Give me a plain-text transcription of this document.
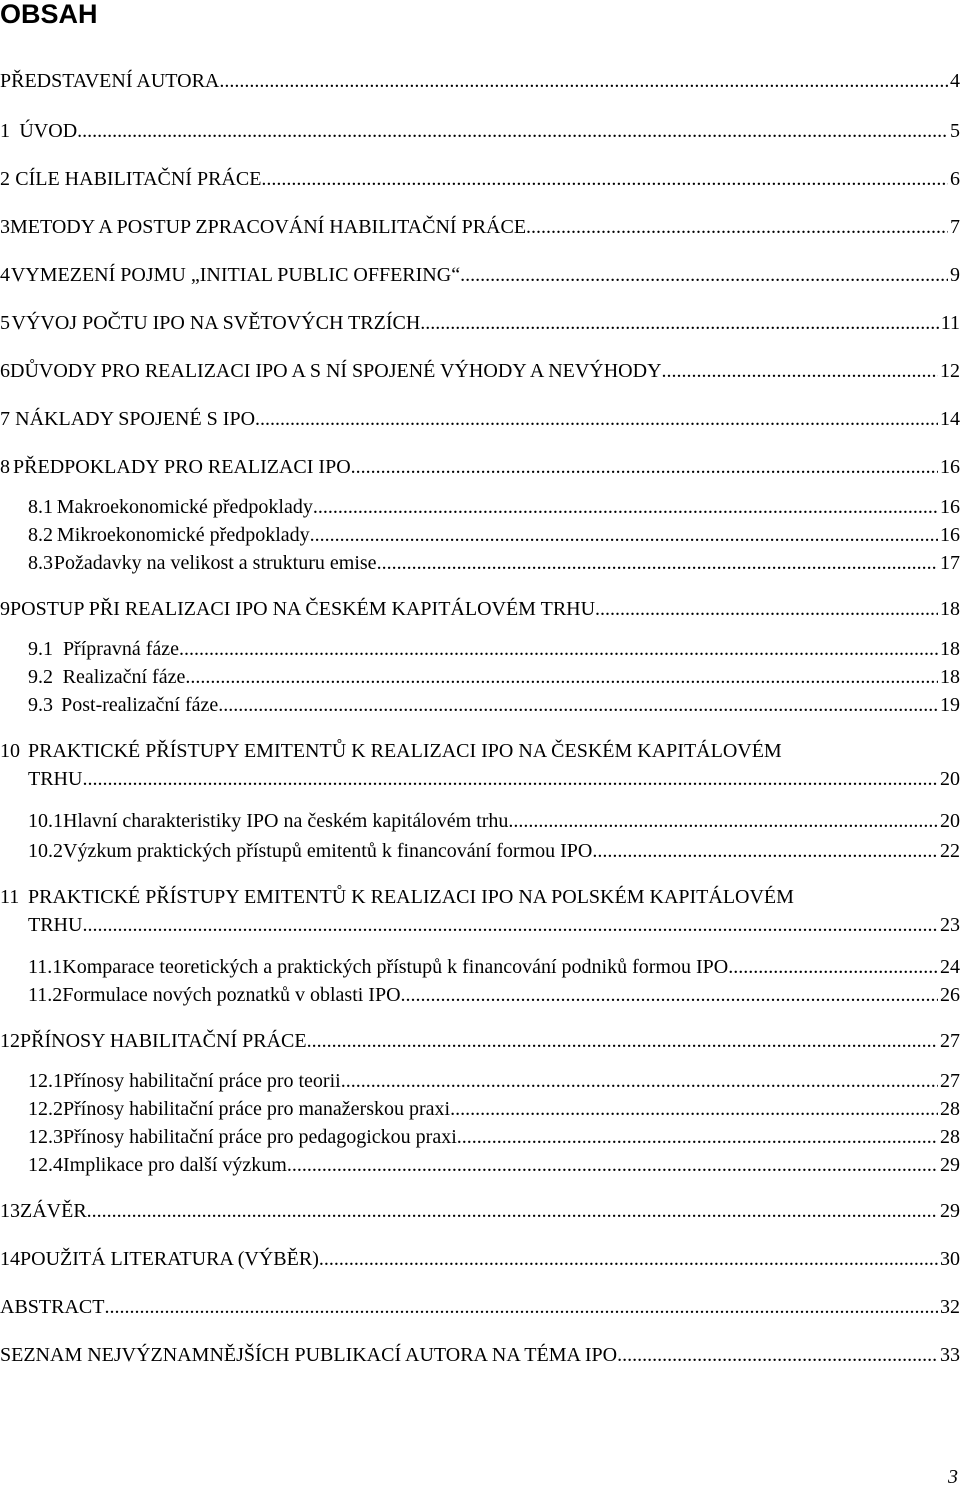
OBSAH
PŘEDSTAVENÍ AUTORA .....	4
1 ÚVOD .....	5
2 CÍLE HABILITAČNÍ PRÁCE .....	6
3 METODY A POSTUP ZPRACOVÁNÍ HABILITAČNÍ PRÁCE .....	7
4 VYMEZENÍ POJMU „INITIAL PUBLIC OFFERING“ .....	9
5 VÝVOJ POČTU IPO NA SVĚTOVÝCH TRZÍCH .....	11
6 DŮVODY PRO REALIZACI IPO A S NÍ SPOJENÉ VÝHODY A NEVÝHODY .....	12
7 NÁKLADY SPOJENÉ S IPO .....	14
8 PŘEDPOKLADY PRO REALIZACI IPO .....	16
8.1 Makroekonomické předpoklady .....	16
8.2 Mikroekonomické předpoklady .....	16
8.3 Požadavky na velikost a strukturu emise .....	17
9 POSTUP PŘI REALIZACI IPO NA ČESKÉM KAPITÁLOVÉM TRHU .....	18
9.1 Přípravná fáze .....	18
9.2 Realizační fáze .....	18
9.3 Post-realizační fáze .....	19
10 PRAKTICKÉ PŘÍSTUPY EMITENTŮ K REALIZACI IPO NA ČESKÉM KAPITÁLOVÉM
TRHU .....	20
10.1 Hlavní charakteristiky IPO na českém kapitálovém trhu .....	20
10.2 Výzkum praktických přístupů emitentů k financování formou IPO .....	22
11 PRAKTICKÉ PŘÍSTUPY EMITENTŮ K REALIZACI IPO NA POLSKÉM KAPITÁLOVÉM
TRHU .....	23
11.1 Komparace teoretických a praktických přístupů k financování podniků formou IPO .....	24
11.2 Formulace nových poznatků v oblasti IPO .....	26
12 PŘÍNOSY HABILITAČNÍ PRÁCE .....	27
12.1 Přínosy habilitační práce pro teorii .....	27
12.2 Přínosy habilitační práce pro manažerskou praxi .....	28
12.3 Přínosy habilitační práce pro pedagogickou praxi .....	28
12.4 Implikace pro další výzkum .....	29
13 ZÁVĚR .....	29
14 POUŽITÁ LITERATURA (VÝBĚR) .....	30
ABSTRACT .....	32
SEZNAM NEJVÝZNAMNĚJŠÍCH PUBLIKACÍ AUTORA NA TÉMA IPO .....	33
3
